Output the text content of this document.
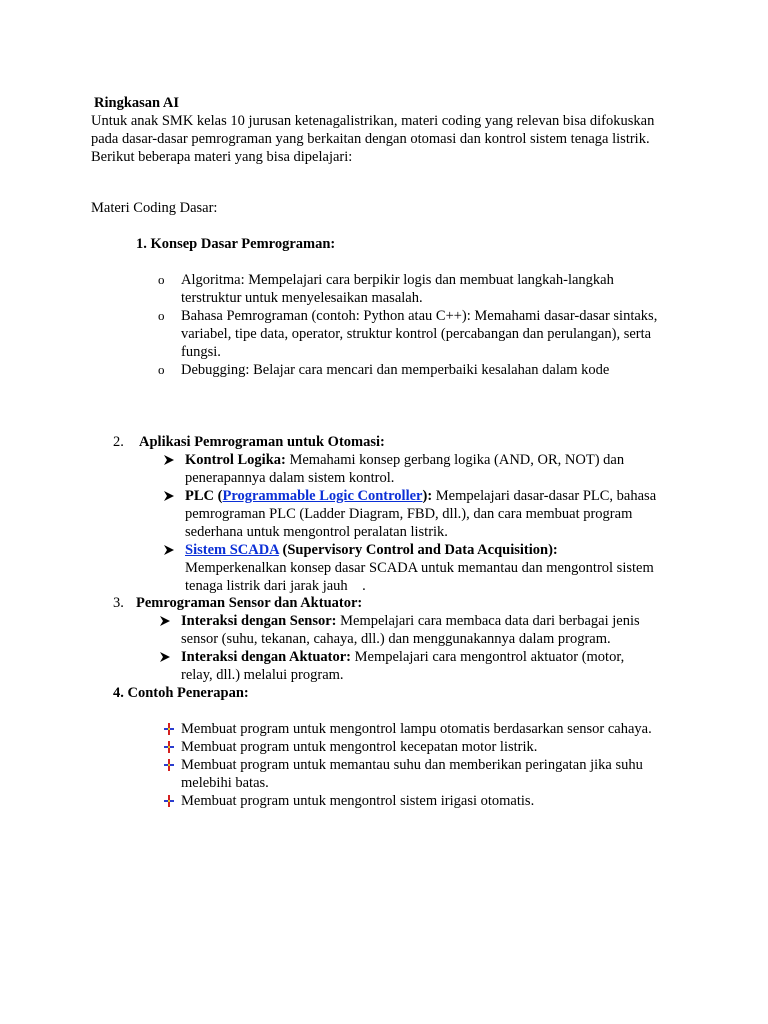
Ringkasan AI
Untuk anak SMK kelas 10 jurusan ketenagalistrikan, materi coding yang relevan bisa difokuskan
pada dasar-dasar pemrograman yang berkaitan dengan otomasi dan kontrol sistem tenaga listrik.
Berikut beberapa materi yang bisa dipelajari:
Materi Coding Dasar:
1. Konsep Dasar Pemrograman:
o Algoritma: Mempelajari cara berpikir logis dan membuat langkah-langkah
terstruktur untuk menyelesaikan masalah.
o Bahasa Pemrograman (contoh: Python atau C++): Memahami dasar-dasar sintaks,
variabel, tipe data, operator, struktur kontrol (percabangan dan perulangan), serta
fungsi.
o Debugging: Belajar cara mencari dan memperbaiki kesalahan dalam kode
2. Aplikasi Pemrograman untuk Otomasi:
Kontrol Logika: Memahami konsep gerbang logika (AND, OR, NOT) dan
penerapannya dalam sistem kontrol.
PLC (Programmable Logic Controller): Mempelajari dasar-dasar PLC, bahasa
pemrograman PLC (Ladder Diagram, FBD, dll.), dan cara membuat program
sederhana untuk mengontrol peralatan listrik.
Sistem SCADA (Supervisory Control and Data Acquisition):
Memperkenalkan konsep dasar SCADA untuk memantau dan mengontrol sistem
tenaga listrik dari jarak jauh    .
3. Pemrograman Sensor dan Aktuator:
Interaksi dengan Sensor: Mempelajari cara membaca data dari berbagai jenis
sensor (suhu, tekanan, cahaya, dll.) dan menggunakannya dalam program.
Interaksi dengan Aktuator: Mempelajari cara mengontrol aktuator (motor,
relay, dll.) melalui program.
4. Contoh Penerapan:
Membuat program untuk mengontrol lampu otomatis berdasarkan sensor cahaya.
Membuat program untuk mengontrol kecepatan motor listrik.
Membuat program untuk memantau suhu dan memberikan peringatan jika suhu
melebihi batas.
Membuat program untuk mengontrol sistem irigasi otomatis.
